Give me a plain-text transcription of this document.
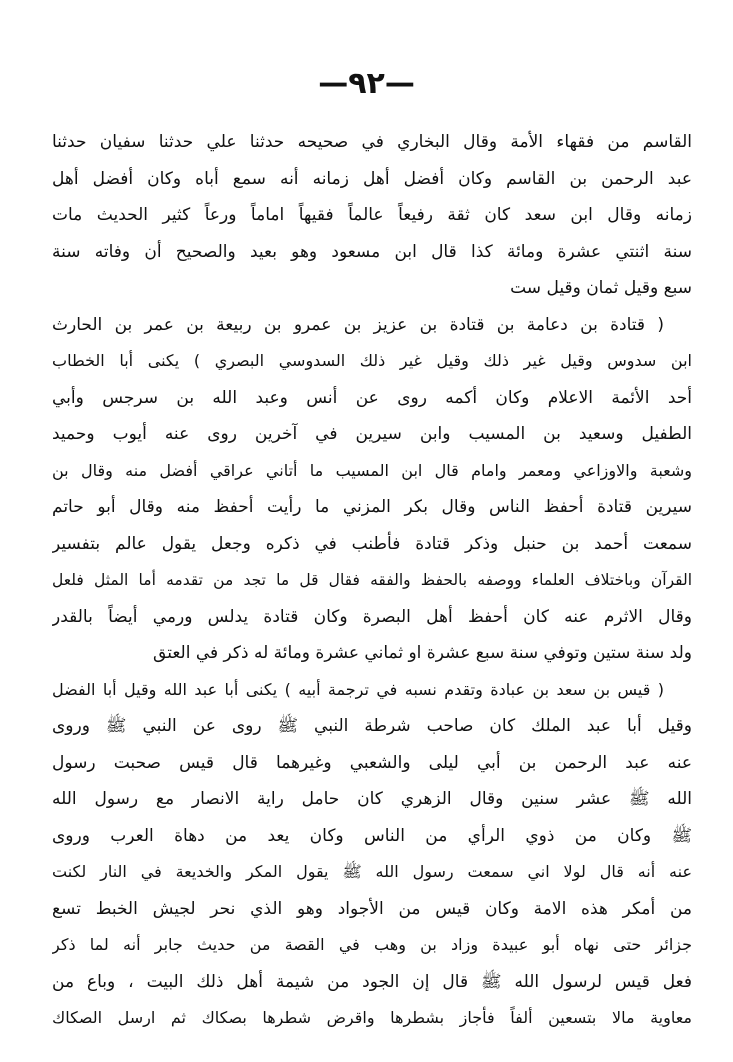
—٩٢—
القاسم من فقهاء الأمة وقال البخاري في صحيحه حدثنا علي حدثنا سفيان حدثنا
عبد الرحمن بن القاسم وكان أفضل أهل زمانه أنه سمع أباه وكان أفضل أهل
زمانه وقال ابن سعد كان ثقة رفيعاً عالماً فقيهاً اماماً ورعاً كثير الحديث مات
سنة اثنتي عشرة ومائة كذا قال ابن مسعود وهو بعيد والصحيح أن وفاته سنة
سبع وقيل ثمان وقيل ست
( قتادة بن دعامة بن قتادة بن عزيز بن عمرو بن ربيعة بن عمر بن الحارث
ابن سدوس وقيل غير ذلك وقيل غير ذلك السدوسي البصري ) يكنى أبا الخطاب
أحد الأئمة الاعلام وكان أكمه روى عن أنس وعبد الله بن سرجس وأبي
الطفيل وسعيد بن المسيب وابن سيرين في آخرين روى عنه أيوب وحميد
وشعبة والاوزاعي ومعمر وامام قال ابن المسيب ما أتاني عراقي أفضل منه وقال بن
سيرين قتادة أحفظ الناس وقال بكر المزني ما رأيت أحفظ منه وقال أبو حاتم
سمعت أحمد بن حنبل وذكر قتادة فأطنب في ذكره وجعل يقول عالم بتفسير
القرآن وباختلاف العلماء ووصفه بالحفظ والفقه فقال قل ما تجد من تقدمه أما المثل فلعل
وقال الاثرم عنه كان أحفظ أهل البصرة وكان قتادة يدلس ورمي أيضاً بالقدر
ولد سنة ستين وتوفي سنة سبع عشرة او ثماني عشرة ومائة له ذكر في العتق
( قيس بن سعد بن عبادة وتقدم نسبه في ترجمة أبيه ) يكنى أبا عبد الله وقيل أبا الفضل
وقيل أبا عبد الملك كان صاحب شرطة النبي ﷺ روى عن النبي ﷺ وروى
عنه عبد الرحمن بن أبي ليلى والشعبي وغيرهما قال قيس صحبت رسول
الله ﷺ عشر سنين وقال الزهري كان حامل راية الانصار مع رسول الله
ﷺ وكان من ذوي الرأي من الناس وكان يعد من دهاة العرب وروى
عنه أنه قال لولا اني سمعت رسول الله ﷺ يقول المكر والخديعة في النار لكنت
من أمكر هذه الامة وكان قيس من الأجواد وهو الذي نحر لجيش الخبط تسع
جزائر حتى نهاه أبو عبيدة وزاد بن وهب في القصة من حديث جابر أنه لما ذكر
فعل قيس لرسول الله ﷺ قال إن الجود من شيمة أهل ذلك البيت ، وباع من
معاوية مالا بتسعين ألفاً فأجاز بشطرها واقرض شطرها بصكاك ثم ارسل الصكاك
